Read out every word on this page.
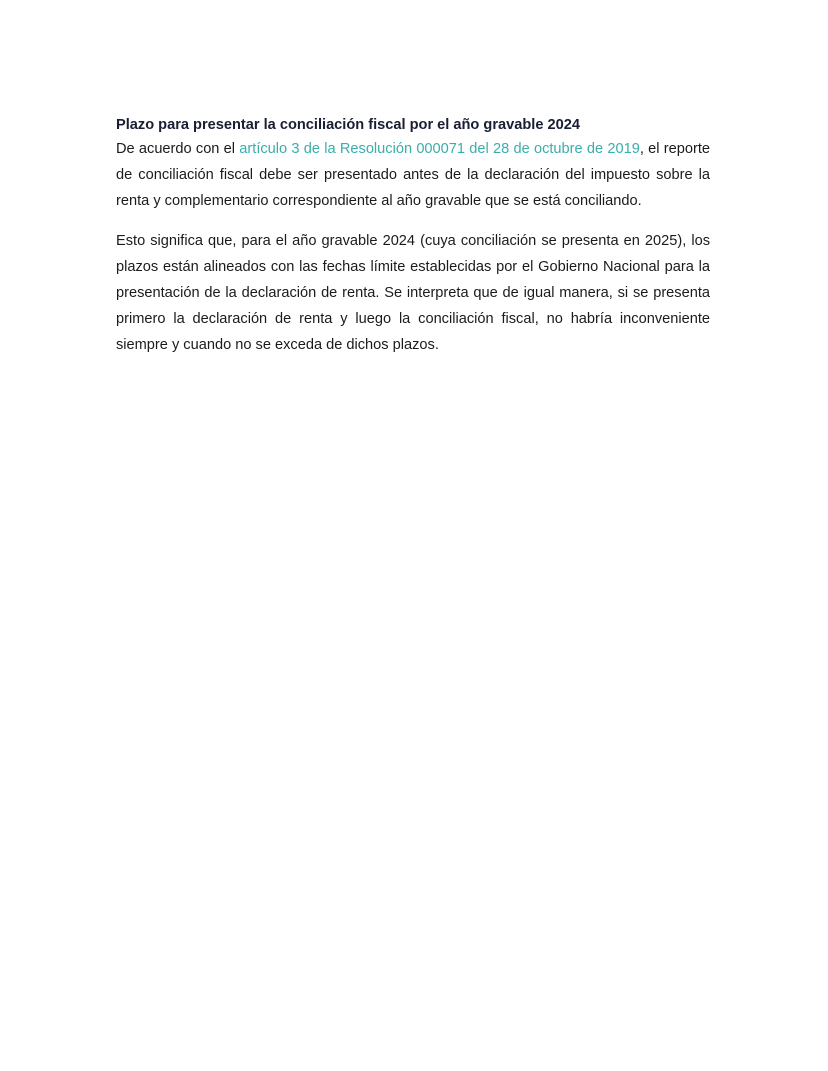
Plazo para presentar la conciliación fiscal por el año gravable 2024

De acuerdo con el artículo 3 de la Resolución 000071 del 28 de octubre de 2019, el reporte
de conciliación fiscal debe ser presentado antes de la declaración del impuesto sobre la
renta y complementario correspondiente al año gravable que se está conciliando.

Esto significa que, para el año gravable 2024 (cuya conciliación se presenta en 2025), los
plazos están alineados con las fechas límite establecidas por el Gobierno Nacional para la
presentación de la declaración de renta. Se interpreta que de igual manera, si se presenta
primero la declaración de renta y luego la conciliación fiscal, no habría inconveniente
siempre y cuando no se exceda de dichos plazos.
